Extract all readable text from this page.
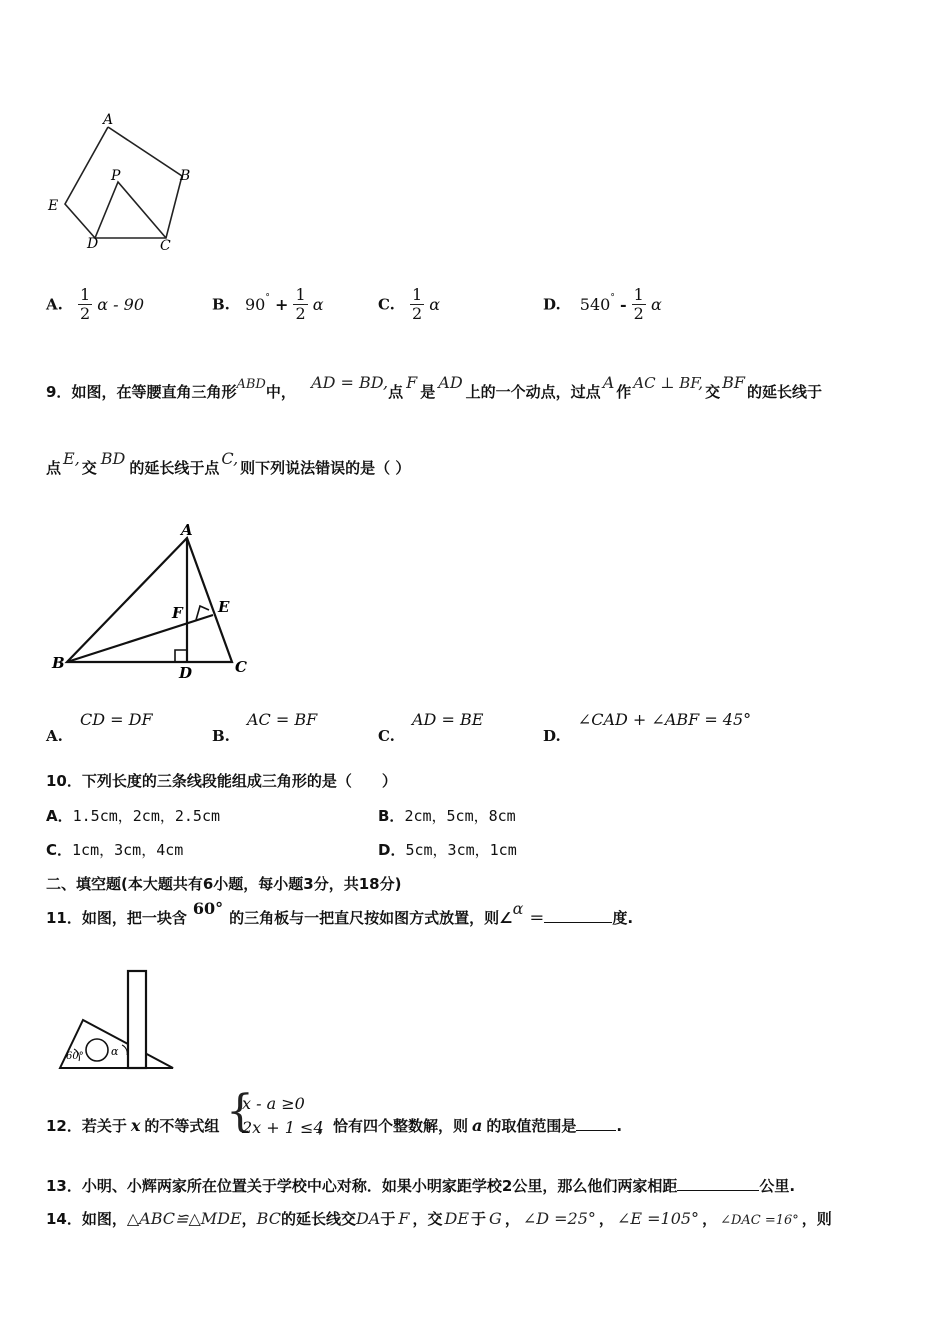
A
B
P
E
D	C
A. $\frac{1}{2}$ α - 90	B. $90^\circ + \frac{1}{2}$ α	C. $\frac{1}{2}$ α	D. $540^\circ - \frac{1}{2}$ α
9．如图，在等腰直角三角形ABD中， AD = BD,点 F 是 AD 上的一个动点，过点 A 作 AC ⊥ BF, 交 BF 的延长线于
点 E, 交 BD 的延长线于点 C, 则下列说法错误的是（ ）
A
F E
B
D	C
A. CD = DF
B. AC = BF
C. AD = BE
D. ∠CAD + ∠ABF = 45°
10．下列长度的三条线段能组成三角形的是（　　）
A．1.5cm，2cm，2.5cm	B．2cm，5cm，8cm
C．1cm，3cm，4cm	D．5cm，3cm，1cm
二、填空题(本大题共有6小题，每小题3分，共18分)
11．如图，把一块含 60° 的三角板与一把直尺按如图方式放置，则∠α ＝	度.
60° α
12．若关于 x 的不等式组 {
x - a ≥0
2x + 1 ≤4
，恰有四个整数解，则 a 的取值范围是	.
13．小明、小辉两家所在位置关于学校中心对称．如果小明家距学校2公里，那么他们两家相距	公里.
14．如图，△ABC≌△MDE，BC的延长线交DA于 F ，交 DE 于 G ， ∠D =25° ， ∠E =105° ， ∠DAC =16° ，则
